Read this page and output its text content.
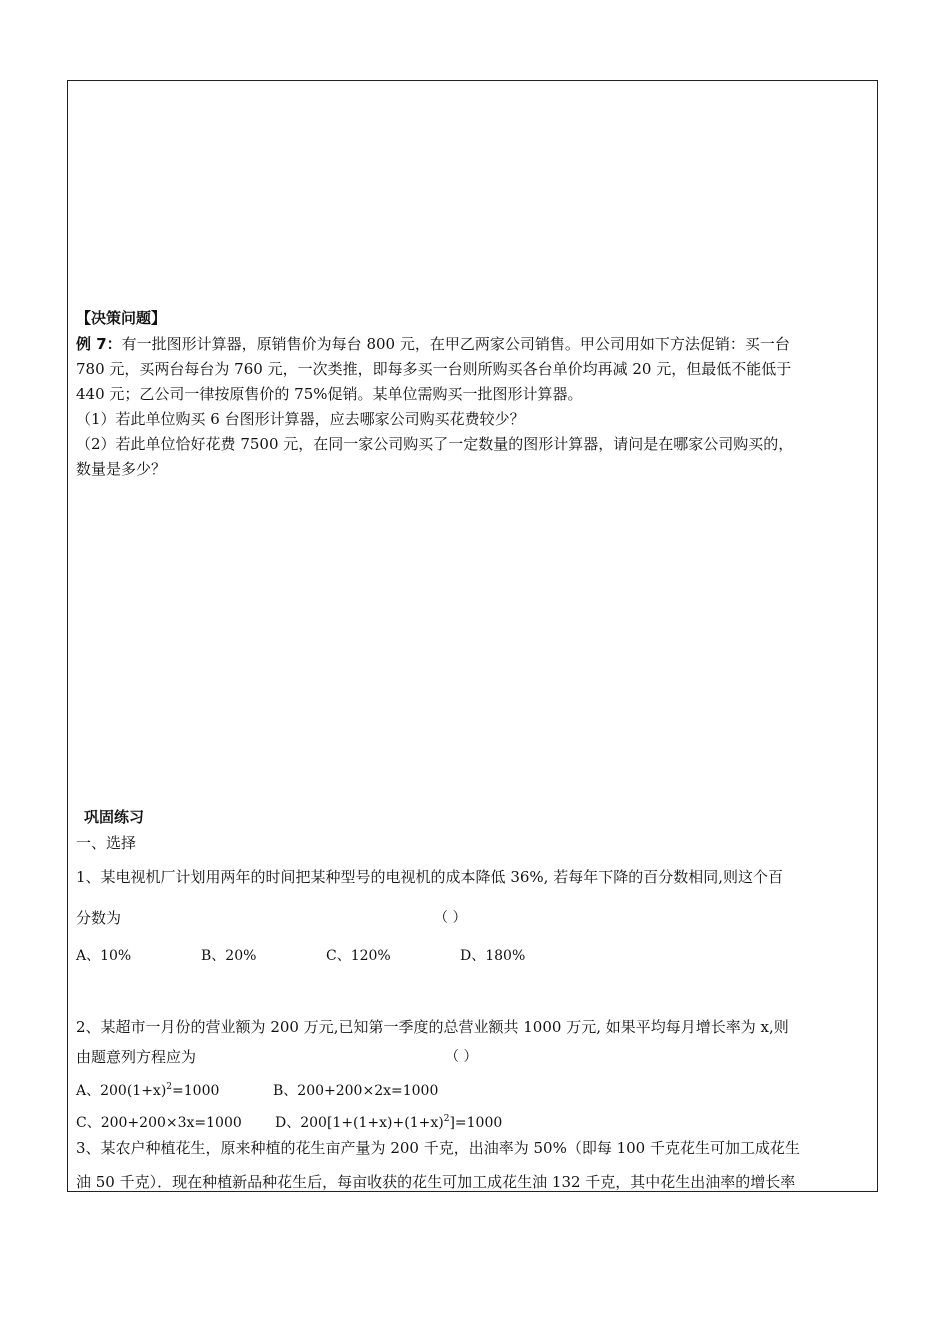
【决策问题】
例 7：有一批图形计算器，原销售价为每台 800 元，在甲乙两家公司销售。甲公司用如下方法促销：买一台
780 元，买两台每台为 760 元，一次类推，即每多买一台则所购买各台单价均再减 20 元，但最低不能低于
440 元；乙公司一律按原售价的 75%促销。某单位需购买一批图形计算器。
（1）若此单位购买 6 台图形计算器，应去哪家公司购买花费较少？
（2）若此单位恰好花费 7500 元，在同一家公司购买了一定数量的图形计算器，请问是在哪家公司购买的，
数量是多少？
巩固练习
一、选择
1、某电视机厂计划用两年的时间把某种型号的电视机的成本降低 36%, 若每年下降的百分数相同,则这个百
分数为	（ ）
A、10%	B、20%	C、120%	D、180%
2、某超市一月份的营业额为 200 万元,已知第一季度的总营业额共 1000 万元, 如果平均每月增长率为 x,则
由题意列方程应为	（ ）
A、$200(1+x)^2=1000$	B、200+200×2x=1000
C、200+200×3x=1000 D、$200[1+(1+x)+(1+x)^2]=1000$
3、某农户种植花生，原来种植的花生亩产量为 200 千克，出油率为 50%（即每 100 千克花生可加工成花生
油 50 千克）．现在种植新品种花生后，每亩收获的花生可加工成花生油 132 千克，其中花生出油率的增长率
